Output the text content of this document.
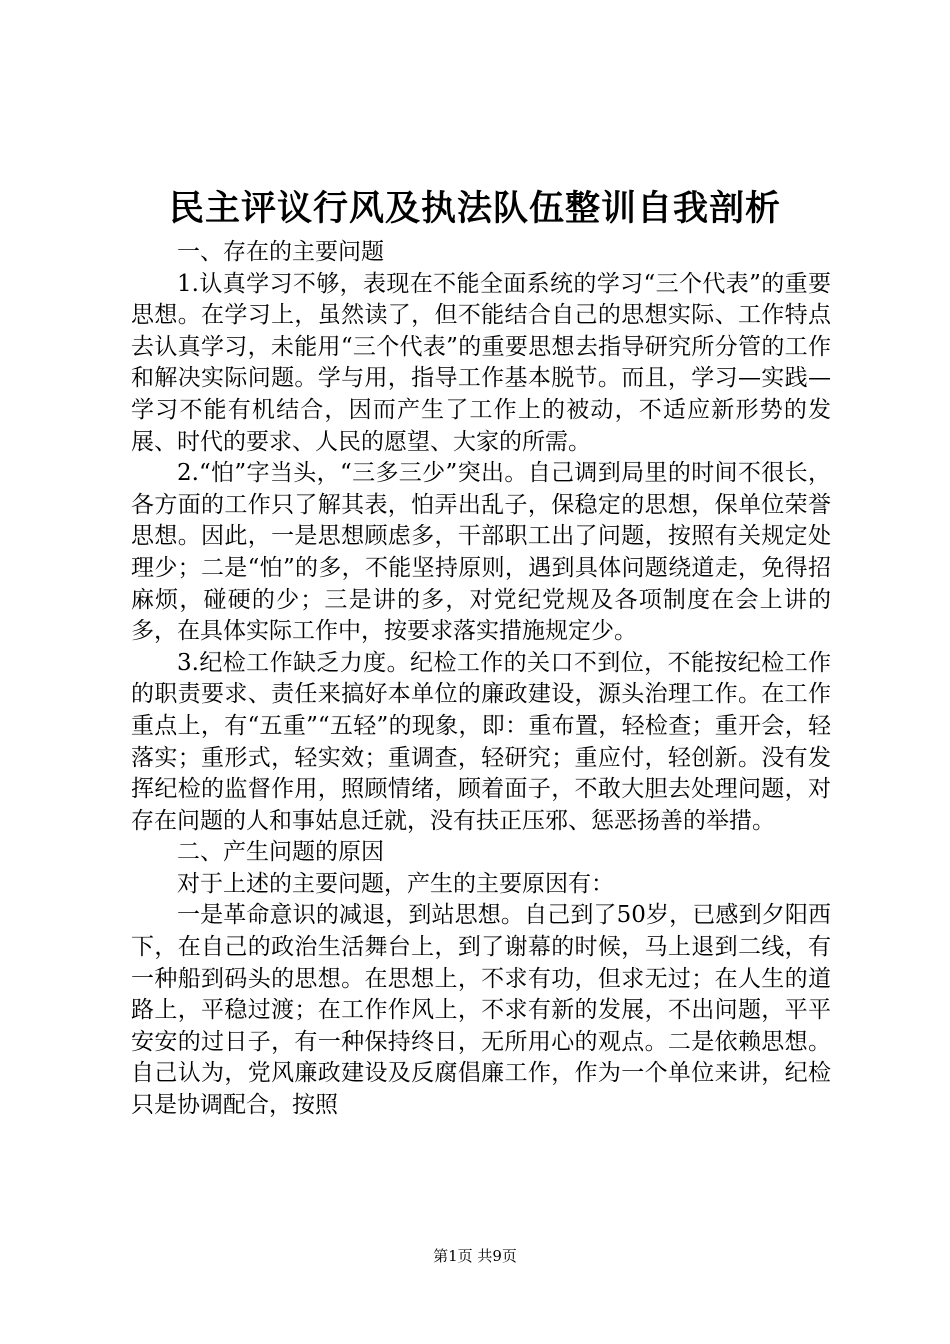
民主评议行风及执法队伍整训自我剖析

一、存在的主要问题

1.认真学习不够，表现在不能全面系统的学习“三个代表”的重要思想。在学习上，虽然读了，但不能结合自己的思想实际、工作特点去认真学习，未能用“三个代表”的重要思想去指导研究所分管的工作和解决实际问题。学与用，指导工作基本脱节。而且，学习—实践—学习不能有机结合，因而产生了工作上的被动，不适应新形势的发展、时代的要求、人民的愿望、大家的所需。

2.“怕”字当头，“三多三少”突出。自己调到局里的时间不很长，各方面的工作只了解其表，怕弄出乱子，保稳定的思想，保单位荣誉思想。因此，一是思想顾虑多，干部职工出了问题，按照有关规定处理少；二是“怕”的多，不能坚持原则，遇到具体问题绕道走，免得招麻烦，碰硬的少；三是讲的多，对党纪党规及各项制度在会上讲的多，在具体实际工作中，按要求落实措施规定少。

3.纪检工作缺乏力度。纪检工作的关口不到位，不能按纪检工作的职责要求、责任来搞好本单位的廉政建设，源头治理工作。在工作重点上，有“五重”“五轻”的现象，即：重布置，轻检查；重开会，轻落实；重形式，轻实效；重调查，轻研究；重应付，轻创新。没有发挥纪检的监督作用，照顾情绪，顾着面子，不敢大胆去处理问题，对存在问题的人和事姑息迁就，没有扶正压邪、惩恶扬善的举措。

二、产生问题的原因

对于上述的主要问题，产生的主要原因有：

一是革命意识的减退，到站思想。自己到了50岁，已感到夕阳西下，在自己的政治生活舞台上，到了谢幕的时候，马上退到二线，有一种船到码头的思想。在思想上，不求有功，但求无过；在人生的道路上，平稳过渡；在工作作风上，不求有新的发展，不出问题，平平安安的过日子，有一种保持终日，无所用心的观点。二是依赖思想。自己认为，党风廉政建设及反腐倡廉工作，作为一个单位来讲，纪检只是协调配合，按照

第1页 共9页
